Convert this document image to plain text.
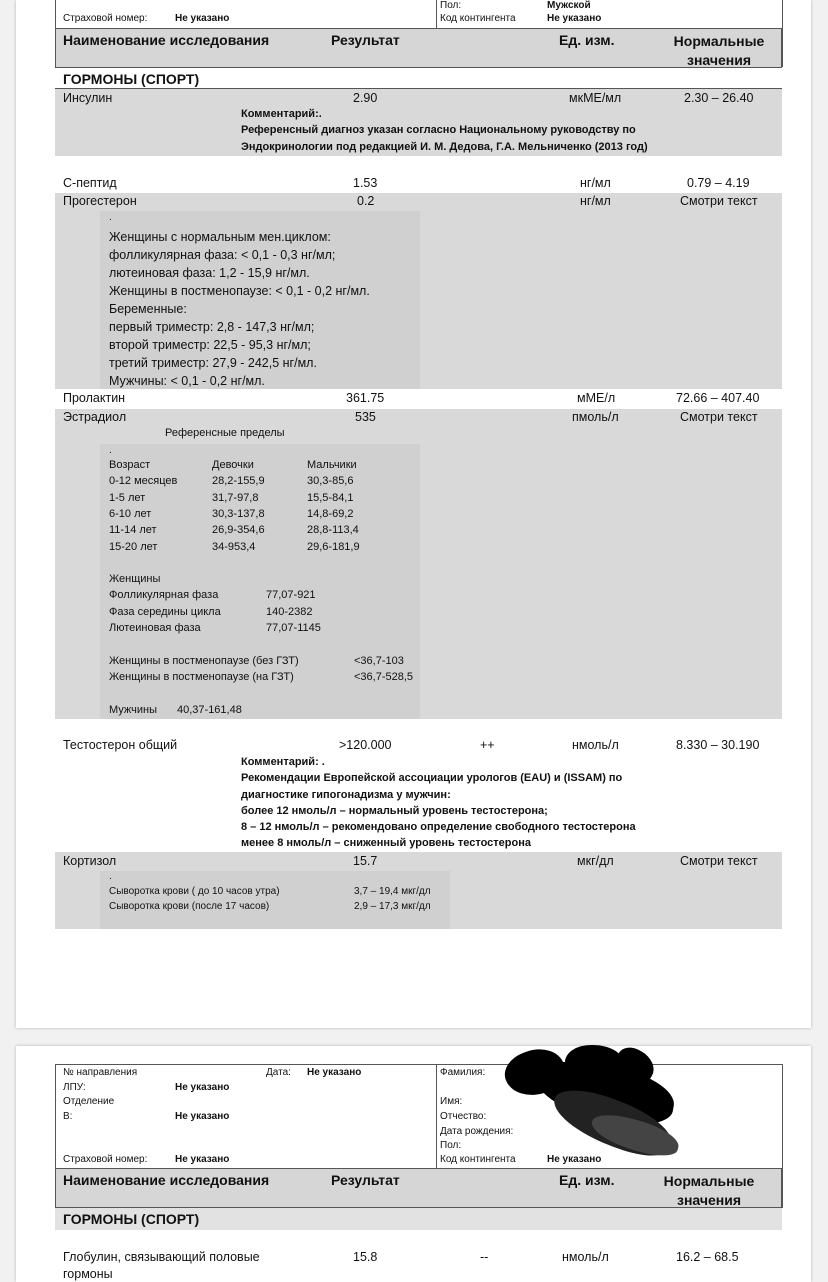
Пол:	Мужской
Страховой номер:	Не указано	Код контингента	Не указано
Наименование исследования	Результат	Ед. изм.	Нормальные
значения
ГОРМОНЫ (СПОРТ)
Инсулин	2.90	мкМЕ/мл	2.30 – 26.40
Комментарий:.
Референсный диагноз указан согласно Национальному руководству по
Эндокринологии под редакцией И. М. Дедова, Г.А. Мельниченко (2013 год)
С-пептид	1.53	нг/мл	0.79 – 4.19
Прогестерон	0.2	нг/мл	Смотри текст
.
Женщины с нормальным мен.циклом:
фолликулярная фаза: < 0,1 - 0,3 нг/мл;
лютеиновая фаза: 1,2 - 15,9 нг/мл.
Женщины в постменопаузе: < 0,1 - 0,2 нг/мл.
Беременные:
первый триместр: 2,8 - 147,3 нг/мл;
второй триместр: 22,5 - 95,3 нг/мл;
третий триместр: 27,9 - 242,5 нг/мл.
Мужчины: < 0,1 - 0,2 нг/мл.
Пролактин	361.75	мМЕ/л	72.66 – 407.40
Эстрадиол	535	пмоль/л	Смотри текст
Референсные пределы
.
Возраст	Девочки	Мальчики
0-12 месяцев	28,2-155,9	30,3-85,6
1-5 лет	31,7-97,8	15,5-84,1
6-10 лет	30,3-137,8	14,8-69,2
11-14 лет	26,9-354,6	28,8-113,4
15-20 лет	34-953,4	29,6-181,9
Женщины
Фолликулярная фаза	77,07-921
Фаза середины цикла	140-2382
Лютеиновая фаза	77,07-1145
Женщины в постменопаузе (без ГЗТ)	<36,7-103
Женщины в постменопаузе (на ГЗТ)	<36,7-528,5
Мужчины 40,37-161,48
Тестостерон общий	>120.000	++	нмоль/л	8.330 – 30.190
Комментарий: .
Рекомендации Европейской ассоциации урологов (EAU) и (ISSAM) по
диагностике гипогонадизма у мужчин:
более 12 нмоль/л – нормальный уровень тестостерона;
8 – 12 нмоль/л – рекомендовано определение свободного тестостерона
менее 8 нмоль/л – сниженный уровень тестостерона
Кортизол	15.7	мкг/дл	Смотри текст
.
Сыворотка крови ( до 10 часов утра)	3,7 – 19,4 мкг/дл
Сыворотка крови (после 17 часов)	2,9 – 17,3 мкг/дл
№ направления	Дата: Не указано	Фамилия:
ЛПУ:	Не указано
Отделение	Имя:
В:	Не указано	Отчество:
Дата рождения:
Пол:
Страховой номер:	Не указано	Код контингента	Не указано
Наименование исследования	Результат	Ед. изм.	Нормальные
значения
ГОРМОНЫ (СПОРТ)
Глобулин, связывающий половые
гормоны
15.8	--	нмоль/л	16.2 – 68.5
